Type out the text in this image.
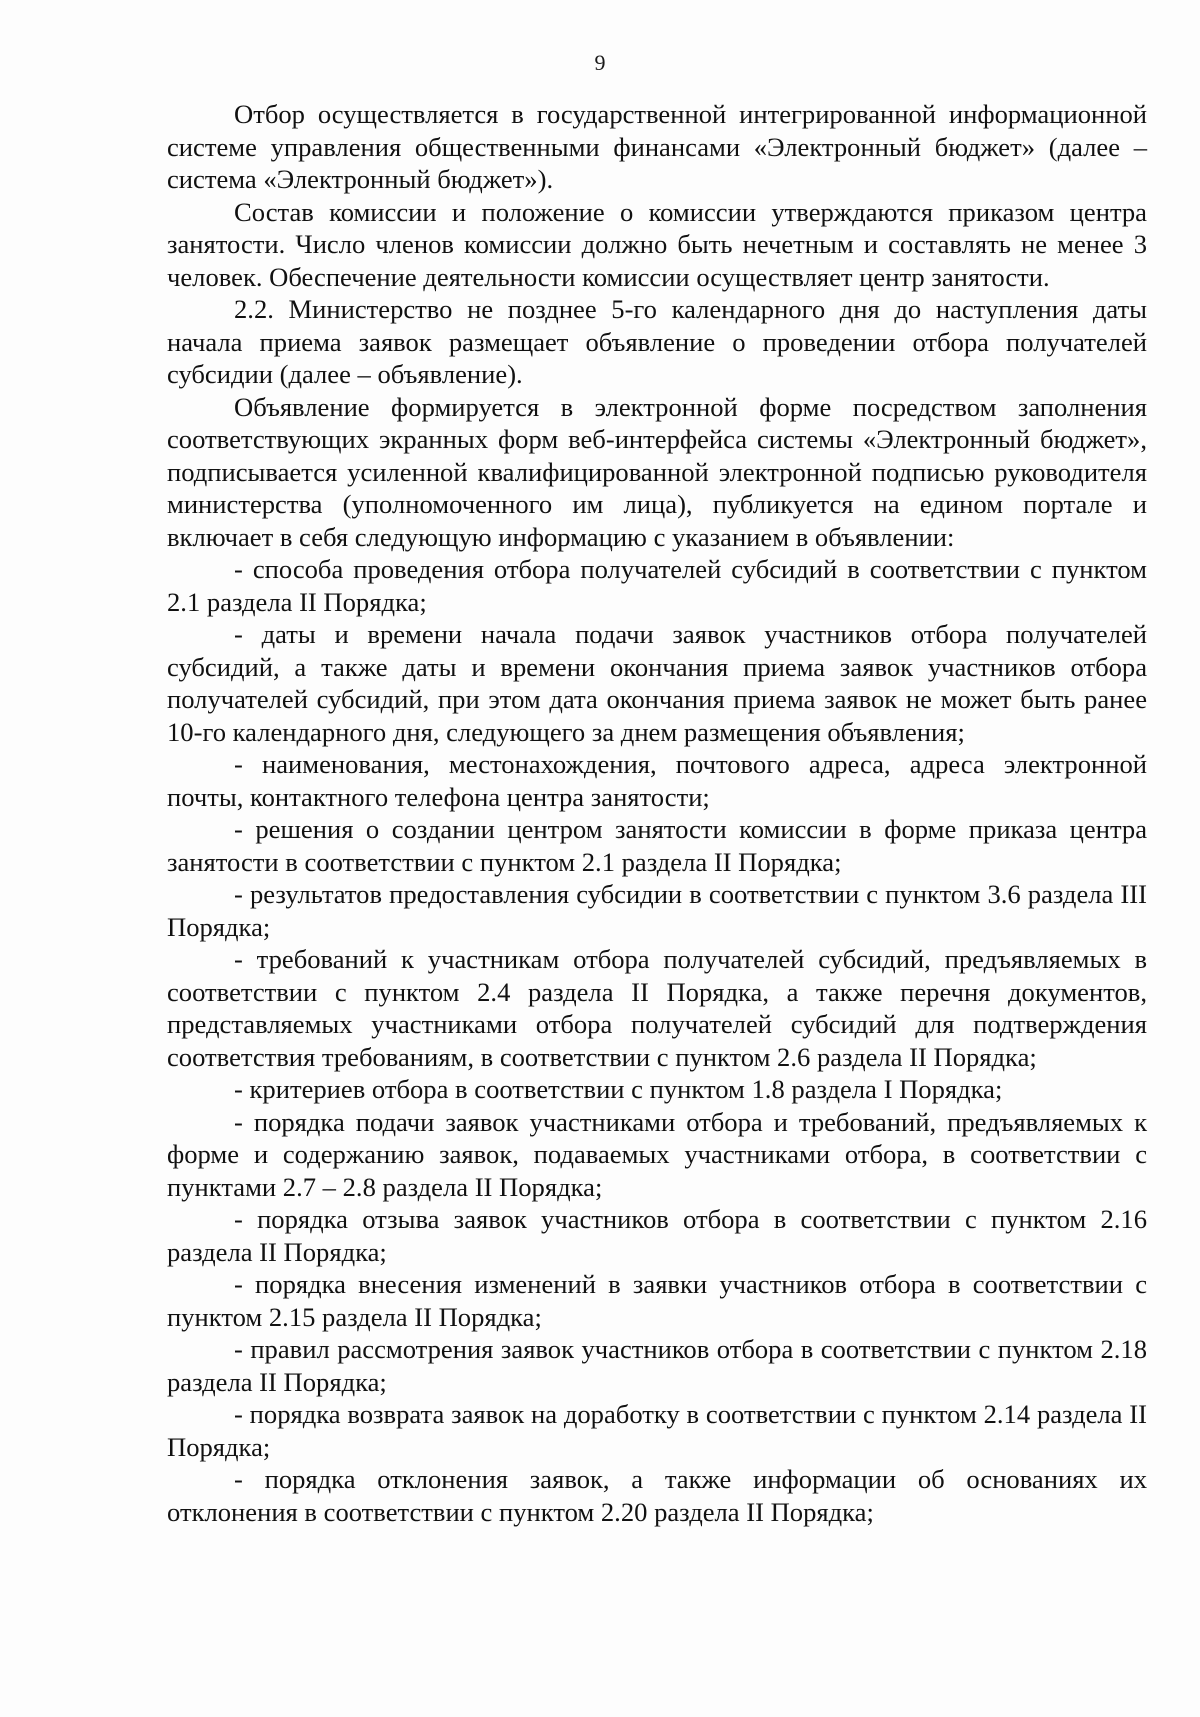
9

Отбор осуществляется в государственной интегрированной информационной системе управления общественными финансами «Электронный бюджет» (далее – система «Электронный бюджет»).

Состав комиссии и положение о комиссии утверждаются приказом центра занятости. Число членов комиссии должно быть нечетным и составлять не менее 3 человек. Обеспечение деятельности комиссии осуществляет центр занятости.

2.2. Министерство не позднее 5-го календарного дня до наступления даты начала приема заявок размещает объявление о проведении отбора получателей субсидии (далее – объявление).

Объявление формируется в электронной форме посредством заполнения соответствующих экранных форм веб-интерфейса системы «Электронный бюджет», подписывается усиленной квалифицированной электронной подписью руководителя министерства (уполномоченного им лица), публикуется на едином портале и включает в себя следующую информацию с указанием в объявлении:

- способа проведения отбора получателей субсидий в соответствии с пунктом 2.1 раздела II Порядка;

- даты и времени начала подачи заявок участников отбора получателей субсидий, а также даты и времени окончания приема заявок участников отбора получателей субсидий, при этом дата окончания приема заявок не может быть ранее 10-го календарного дня, следующего за днем размещения объявления;

- наименования, местонахождения, почтового адреса, адреса электронной почты, контактного телефона центра занятости;

- решения о создании центром занятости комиссии в форме приказа центра занятости в соответствии с пунктом 2.1 раздела II Порядка;

- результатов предоставления субсидии в соответствии с пунктом 3.6 раздела III Порядка;

- требований к участникам отбора получателей субсидий, предъявляемых в соответствии с пунктом 2.4 раздела II Порядка, а также перечня документов, представляемых участниками отбора получателей субсидий для подтверждения соответствия требованиям, в соответствии с пунктом 2.6 раздела II Порядка;

- критериев отбора в соответствии с пунктом 1.8 раздела I Порядка;

- порядка подачи заявок участниками отбора и требований, предъявляемых к форме и содержанию заявок, подаваемых участниками отбора, в соответствии с пунктами 2.7 – 2.8 раздела II Порядка;

- порядка отзыва заявок участников отбора в соответствии с пунктом 2.16 раздела II Порядка;

- порядка внесения изменений в заявки участников отбора в соответствии с пунктом 2.15 раздела II Порядка;

- правил рассмотрения заявок участников отбора в соответствии с пунктом 2.18 раздела II Порядка;

- порядка возврата заявок на доработку в соответствии с пунктом 2.14 раздела II Порядка;

- порядка отклонения заявок, а также информации об основаниях их отклонения в соответствии с пунктом 2.20 раздела II Порядка;
